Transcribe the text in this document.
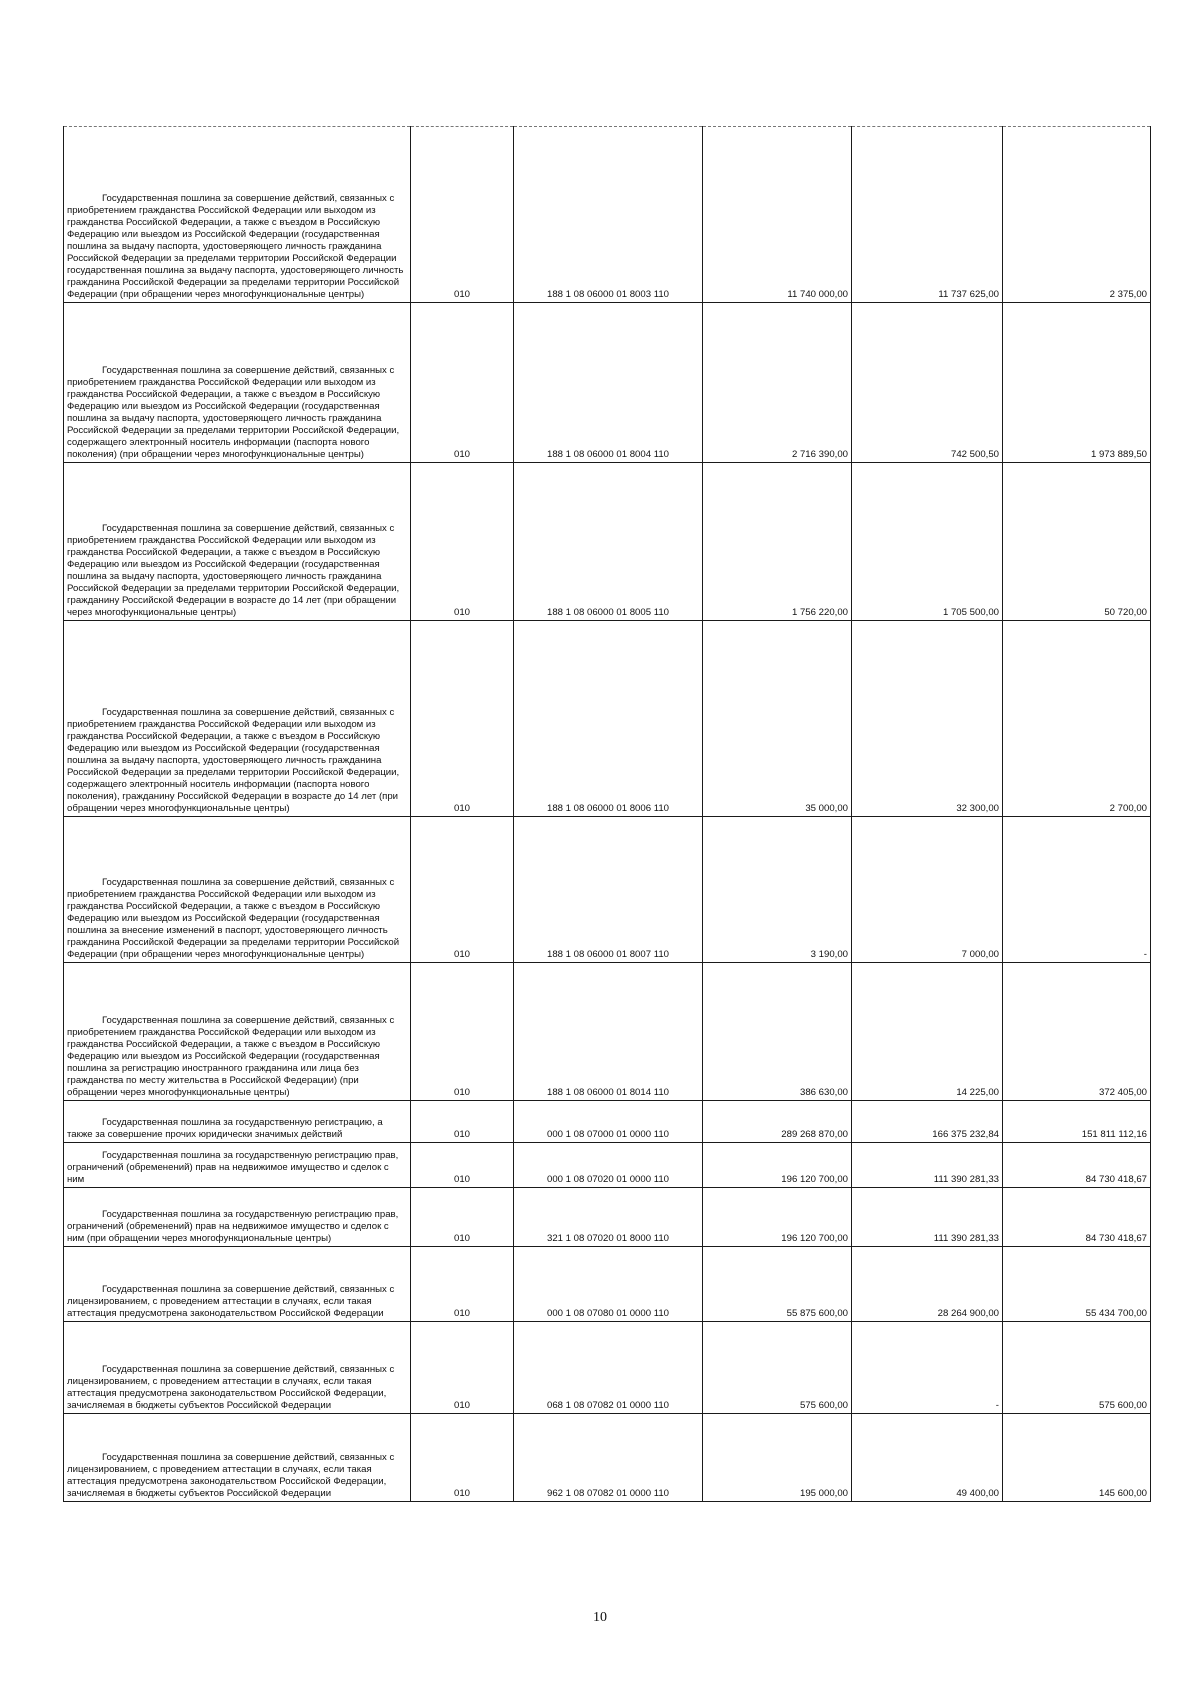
Государственная пошлина за совершение действий, связанных с приобретением гражданства Российской Федерации или выходом из гражданства Российской Федерации, а также с въездом в Российскую Федерацию или выездом из Российской Федерации (государственная пошлина за выдачу паспорта, удостоверяющего личность гражданина Российской Федерации за пределами территории Российской Федерации государственная пошлина за выдачу паспорта, удостоверяющего личность гражданина Российской Федерации за пределами территории Российской Федерации (при обращении через многофункциональные центры)	010	188 1 08 06000 01 8003 110	11 740 000,00	11 737 625,00	2 375,00

Государственная пошлина за совершение действий, связанных с приобретением гражданства Российской Федерации или выходом из гражданства Российской Федерации, а также с въездом в Российскую Федерацию или выездом из Российской Федерации (государственная пошлина за выдачу паспорта, удостоверяющего личность гражданина Российской Федерации за пределами территории Российской Федерации, содержащего электронный носитель информации (паспорта нового поколения) (при обращении через многофункциональные центры)	010	188 1 08 06000 01 8004 110	2 716 390,00	742 500,50	1 973 889,50

Государственная пошлина за совершение действий, связанных с приобретением гражданства Российской Федерации или выходом из гражданства Российской Федерации, а также с въездом в Российскую Федерацию или выездом из Российской Федерации (государственная пошлина за выдачу паспорта, удостоверяющего личность гражданина Российской Федерации за пределами территории Российской Федерации, гражданину Российской Федерации в возрасте до 14 лет (при обращении через многофункциональные центры)	010	188 1 08 06000 01 8005 110	1 756 220,00	1 705 500,00	50 720,00

Государственная пошлина за совершение действий, связанных с приобретением гражданства Российской Федерации или выходом из гражданства Российской Федерации, а также с въездом в Российскую Федерацию или выездом из Российской Федерации (государственная пошлина за выдачу паспорта, удостоверяющего личность гражданина Российской Федерации за пределами территории Российской Федерации, содержащего электронный носитель информации (паспорта нового поколения), гражданину Российской Федерации в возрасте до 14 лет (при обращении через многофункциональные центры)	010	188 1 08 06000 01 8006 110	35 000,00	32 300,00	2 700,00

Государственная пошлина за совершение действий, связанных с приобретением гражданства Российской Федерации или выходом из гражданства Российской Федерации, а также с въездом в Российскую Федерацию или выездом из Российской Федерации (государственная пошлина за внесение изменений в паспорт, удостоверяющего личность гражданина Российской Федерации за пределами территории Российской Федерации (при обращении через многофункциональные центры)	010	188 1 08 06000 01 8007 110	3 190,00	7 000,00	-

Государственная пошлина за совершение действий, связанных с приобретением гражданства Российской Федерации или выходом из гражданства Российской Федерации, а также с въездом в Российскую Федерацию или выездом из Российской Федерации (государственная пошлина за регистрацию иностранного гражданина или лица без гражданства по месту жительства в Российской Федерации) (при обращении через многофункциональные центры)	010	188 1 08 06000 01 8014 110	386 630,00	14 225,00	372 405,00

Государственная пошлина за государственную регистрацию, а также за совершение прочих юридически значимых действий	010	000 1 08 07000 01 0000 110	289 268 870,00	166 375 232,84	151 811 112,16

Государственная пошлина за государственную регистрацию прав, ограничений (обременений) прав на недвижимое имущество и сделок с ним	010	000 1 08 07020 01 0000 110	196 120 700,00	111 390 281,33	84 730 418,67

Государственная пошлина за государственную регистрацию прав, ограничений (обременений) прав на недвижимое имущество и сделок с ним (при обращении через многофункциональные центры)	010	321 1 08 07020 01 8000 110	196 120 700,00	111 390 281,33	84 730 418,67

Государственная пошлина за совершение действий, связанных с лицензированием, с проведением аттестации в случаях, если такая аттестация предусмотрена законодательством Российской Федерации	010	000 1 08 07080 01 0000 110	55 875 600,00	28 264 900,00	55 434 700,00

Государственная пошлина за совершение действий, связанных с лицензированием, с проведением аттестации в случаях, если такая аттестация предусмотрена законодательством Российской Федерации, зачисляемая в бюджеты субъектов Российской Федерации	010	068 1 08 07082 01 0000 110	575 600,00	-	575 600,00

Государственная пошлина за совершение действий, связанных с лицензированием, с проведением аттестации в случаях, если такая аттестация предусмотрена законодательством Российской Федерации, зачисляемая в бюджеты субъектов Российской Федерации	010	962 1 08 07082 01 0000 110	195 000,00	49 400,00	145 600,00
10
